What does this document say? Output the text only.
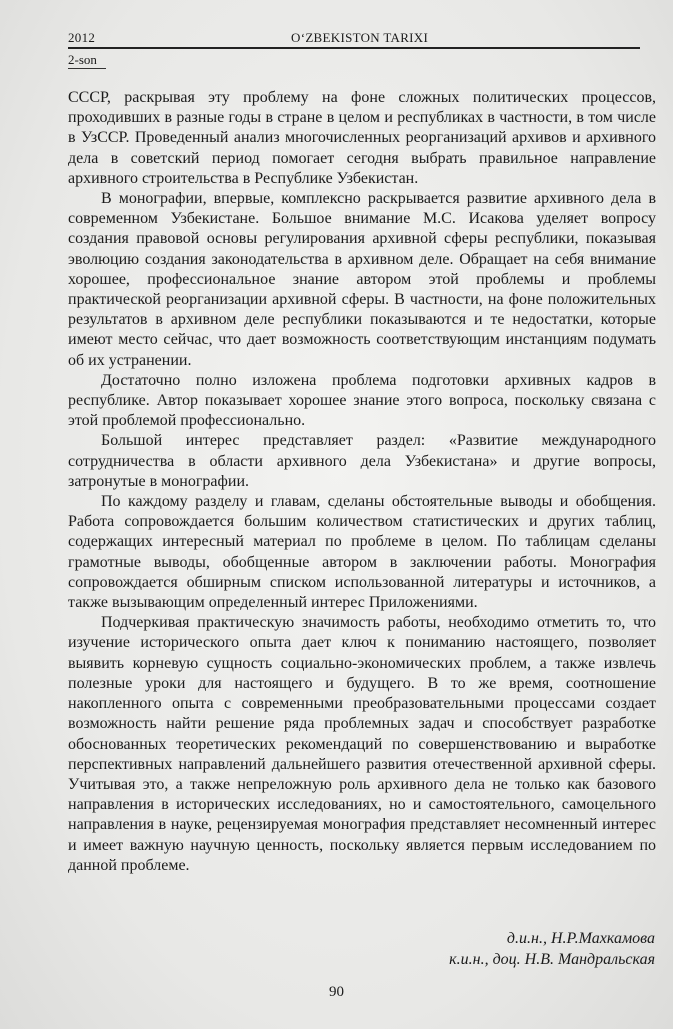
2012	O‘ZBEKISTON TARIXI
2-son

СССР, раскрывая эту проблему на фоне сложных политических процессов, проходивших в разные годы в стране в целом и республиках в частности, в том числе в УзССР. Проведенный анализ многочисленных реорганизаций архивов и архивного дела в советский период помогает сегодня выбрать правильное направление архивного строительства в Республике Узбекистан.

В монографии, впервые, комплексно раскрывается развитие архивного дела в современном Узбекистане. Большое внимание М.С. Исакова уделяет вопросу создания правовой основы регулирования архивной сферы республики, показывая эволюцию создания законодательства в архивном деле. Обращает на себя внимание хорошее, профессиональное знание автором этой проблемы и проблемы практической реорганизации архивной сферы. В частности, на фоне положительных результатов в архивном деле республики показываются и те недостатки, которые имеют место сейчас, что дает возможность соответствующим инстанциям подумать об их устранении.

Достаточно полно изложена проблема подготовки архивных кадров в республике. Автор показывает хорошее знание этого вопроса, поскольку связана с этой проблемой профессионально.

Большой интерес представляет раздел: «Развитие международного сотрудничества в области архивного дела Узбекистана» и другие вопросы, затронутые в монографии.

По каждому разделу и главам, сделаны обстоятельные выводы и обобщения. Работа сопровождается большим количеством статистических и других таблиц, содержащих интересный материал по проблеме в целом. По таблицам сделаны грамотные выводы, обобщенные автором в заключении работы. Монография сопровождается обширным списком использованной литературы и источников, а также вызывающим определенный интерес Приложениями.

Подчеркивая практическую значимость работы, необходимо отметить то, что изучение исторического опыта дает ключ к пониманию настоящего, позволяет выявить корневую сущность социально-экономических проблем, а также извлечь полезные уроки для настоящего и будущего. В то же время, соотношение накопленного опыта с современными преобразовательными процессами создает возможность найти решение ряда проблемных задач и способствует разработке обоснованных теоретических рекомендаций по совершенствованию и выработке перспективных направлений дальнейшего развития отечественной архивной сферы. Учитывая это, а также непреложную роль архивного дела не только как базового направления в исторических исследованиях, но и самостоятельного, самоцельного направления в науке, рецензируемая монография представляет несомненный интерес и имеет важную научную ценность, поскольку является первым исследованием по данной проблеме.

д.и.н., Н.Р.Махкамова
к.и.н., доц. Н.В. Мандральская
90
